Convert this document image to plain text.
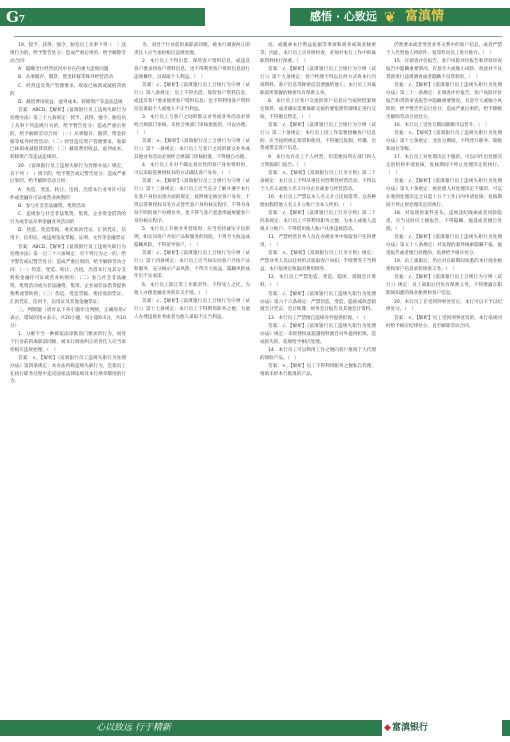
G7	感悟 · 心致远 ❦ 富滇情

19．授予、获得、强令、胁迫员工从事下列（　）违规行为的，给予警告处分；造成严重后果的，给予解除劳动合同：

A．隐瞒全行经营状况中存在的重大违规问题

B．从事假存、假贷、资金转移等账外经营活动

C．经营违反资产管理要求、收取已核销或减值贷款的

D．截留费用收益、虚列成本、转移资产等违法违规

答案：ABCD。【解析】《富滇银行员工违规失职行为处理办法》第三十九条规定：授予、获得、强令、胁迫员工从事下列违规行为的，给予警告处分；造成严重后果的，给予解除劳动合同：（一）从事假存、假贷、资金转移等账外经营活动；（二）经营违反资产管理要求、收取已核销或减值贷款的；（三）截留费用收益、虚列成本、转移资产等违法违规的。

20．《富滇银行员工违规失职行为处理办法》规定，有下列（　）情节的，给予警告或记警告处分；造成严重后果的，给予解除劳动合同：

A．伪造、变造、转让、出租、出借本行业务许可证件或金融许可证或营业执照的

B．参与社会非法融资、集资活动

C．违规参与社会非法集资、集资、企业资金借贷的行为或非法从事金融业务活动的

D．伪造、变造票据、委托收款凭证、汇款凭证、信用卡、信用证，或违规签发票据、证明、文件等金融票证

答案：ABCD。【解析】《富滇银行员工违规失职行为处理办法》第一百二十六条规定：有下列行为之一的，给予警告或记警告处分；造成严重后果的，给予解除劳动合同：（一）伪造、变造、转让、出租、出借本行及其分支机构金融许可证或营业执照的；（二）参与社会非法融资、集资活动或为非法融资、集资、企业间非法借贷提供便利或帮助的；（三）伪造、变造票据、委托收款凭证、汇款凭证、信用卡、信用证及其他金融票证；

三、判断题（请对以下各小题作出判断，正确的用√表示，错误的用×表示。共20小题，每小题0.5分，共10分）

1．分配不当一种被依法审批前门要求的行为，而处于行业前的离职前同级，被本行调查纠正的责任人应当承担相应违规处理。（　）

答案：×。【解析】《富滇银行员工违规失职行为处理办法》第四条规定：本办法所称违规失职行为，是指员工在执行职务过程中违反国家法律法规及本行规章制度的行为。

为，而处于行业前的离职前同级，被本行调查纠正的责任人应当承担相应违规处理。

2．本行员工不得出借、保管客户资料信息，或违反客户要求将客户资料信息，也不得利用客户资料信息进行违规操作，以谋取个人利益。（　）

答案：√。【解析】《富滇银行员工合规行为守则（试行）》第八条规定：员工不得出借、保管客户资料信息，或违反客户要求使用客户资料信息；也不得利用客户资料信息谋取个人或他人不正当利益。

3．本行员工与客户之间的群众业务或业务活动必须经合规部门审核，未经合规部门审核批准的，可以办理。（　）

答案：×。【解析】《富滇银行员工合规行为守则（试行）》第十一条规定：本行员工与客户之间的群众业务或其他业务活动必须经合规部门审核批准，不得擅自办理。

4．本行员工在对不确定真实性的客户身份资料时，可以采取签署授权书的方式确认客户身份。（　）

答案：×。【解析】《富滇银行员工合规行为守则（试行）》第十三条规定：本行员工应当充分了解并遵守本行在客户身份识别方面的规定，按照规定核实客户身份，不得以签署授权书等方式替代客户身份核实程序，不得为身份不明的客户办理业务，也不得与客户恶意串通规避客户身份核实程序。

5．本行员工开展业务营销时，应当坚持诚实守信原则，如实向客户介绍产品和服务的风险，不得夸大收益或隐瞒风险，不得误导客户。（　）

答案：√。【解析】《富滇银行员工合规行为守则（试行）》第十四条规定：本行员工应当如实向客户介绍产品和服务，充分揭示产品风险，不得夸大收益、隐瞒风险或作出不实承诺。

6．本行员工除正常工作职责外，不得受人之托，为他人办理金融业务的有关手续。（　）

答案：√。【解析】《富滇银行员工合规行为守则（试行）》第十七条规定：本行员工不得利用职务之便，为他人办理违规业务或者为他人谋取不正当利益。

论，或履索本行利益依据等事项和商务或商业秘密等；因此，本行员工应对照检查，必须对本行工作中的离职资料执行保密。（　）

答案：√。【解析】《富滇银行员工合规行为守则（试行）》第十九条规定：客户经理不得以任何方式将本行内部资料、客户信息等秘密信息泄露给他人；本行员工对离职前所掌握的秘密负有保密义务。

8．本行员工应客户交流的客户信息应当按照档案规定保管，或者确实需要离职交接的要依照管理规定进行交接，不得擅自带走。（　）

答案：√。【解析】《富滇银行员工合规行为守则（试行）》第二十条规定：本行员工因工作需要接触客户信息的，应当按照规定保管和使用，不得擅自复制、传播、出售或带走客户信息。

9．本行允许员工个人经营，但需要向所在部门和人力资源部门报告。（　）

答案：×。【解析】《富滇银行员工行为守则》第二十条规定：本行员工不得从事任何营利性经营活动，不得以个人名义或他人名义开办企业或参与经营活动。

10．本行员工严禁以本人名义开立民间借贷、以各种理由假借他人名义开立账户为本人所用。（　）

答案：√。【解析】《富滇银行员工行为守则》第二十四条规定：本行员工不得利用职务之便，为本人或他人违规开立账户，不得借用他人账户从事违规活动。

11．严禁经营业务人员在办理业务中收取客户任何费用。（　）

答案：×。【解析】《富滇银行员工行为守则》规定：严禁业务人员以任何形式收取客户回扣、手续费等不当利益，本行依规定收取的费用除外。

12．本行员工严禁伪造、变造、隐匿、销毁会计资料。（　）

答案：√。【解析】《富滇银行员工违规失职行为处理办法》第六十六条规定：严禁伪造、变造、隐匿或故意销毁会计凭证、会计账簿、财务会计报告及其他会计资料。

13．本行员工严禁擅自违规对外提供担保。（　）

答案：√。【解析】《富滇银行员工违规失职行为处理办法》规定：未经授权或超越授权擅自对外提供担保，造成损失的，依规给予相应处理。

14．本行员工可以利用工作之便向客户推销个人代理的保险产品。（　）

答案：×。【解析】员工不得利用职务之便私自代理、推销未经本行批准的产品。

仍然要求或者变更业务关系中的客户信息，或者严禁个人代替他人将原件、复印件向员工进行推介。（　）

15．在调查评价报告、客户风险评价报告和贷款审查报告中隐瞒重要情况、有意夸大或缩小风险、故意对不良贷款进行违规调查或者隐瞒不良贷款的。（　）

答案：√。【解析】《富滇银行员工违规失职行为处理办法》第三十一条规定：在调查评价报告、客户风险评价报告和贷款审查报告中隐瞒重要情况、有意夸大或缩小风险的，给予警告至记过处分；造成严重后果的，给予降级至解除劳动合同处分。

16．本行员工受处分期间职级可以晋升。（　）

答案：×。【解析】《富滇银行员工违规失职行为处理办法》第十七条规定：受处分期间，不得晋升职务、职级和岗位等级。

17．本行员工对处理决定不服的，可以向作出处理决定的机构申请复核，复核期间不停止处理决定的执行。（　）

答案：√。【解析】《富滇银行员工违规失职行为处理办法》第九十条规定：被处理人对处理决定不服的，可以在收到处理决定之日起十五个工作日内申请复核；复核期间不停止原处理决定的执行。

18．对发现的案件苗头、违规违纪线索或者风险隐患，应当及时向上级报告，不得隐瞒、拖延或者擅自处理。（　）

答案：√。【解析】《富滇银行员工违规失职行为处理办法》第五十八条规定：对发现的案件线索隐瞒不报、拖延报告或者擅自处理的，依规给予相应处分。

19．员工离职后，仍应对在职期间知悉的本行商业秘密和客户信息承担保密义务。（　）

答案：√。【解析】《富滇银行员工合规行为守则（试行）》规定：员工离职后仍负有保密义务，不得泄露在职期间知悉的商业秘密和客户信息。

20．本行员工在受到刑事处罚后，本行可以不予以纪律处分。（　）

答案：×。【解析】员工受到刑事处罚的，本行依规同时给予相应纪律处分，直至解除劳动合同。

心以致远 行于精新	◆ 富滇银行
